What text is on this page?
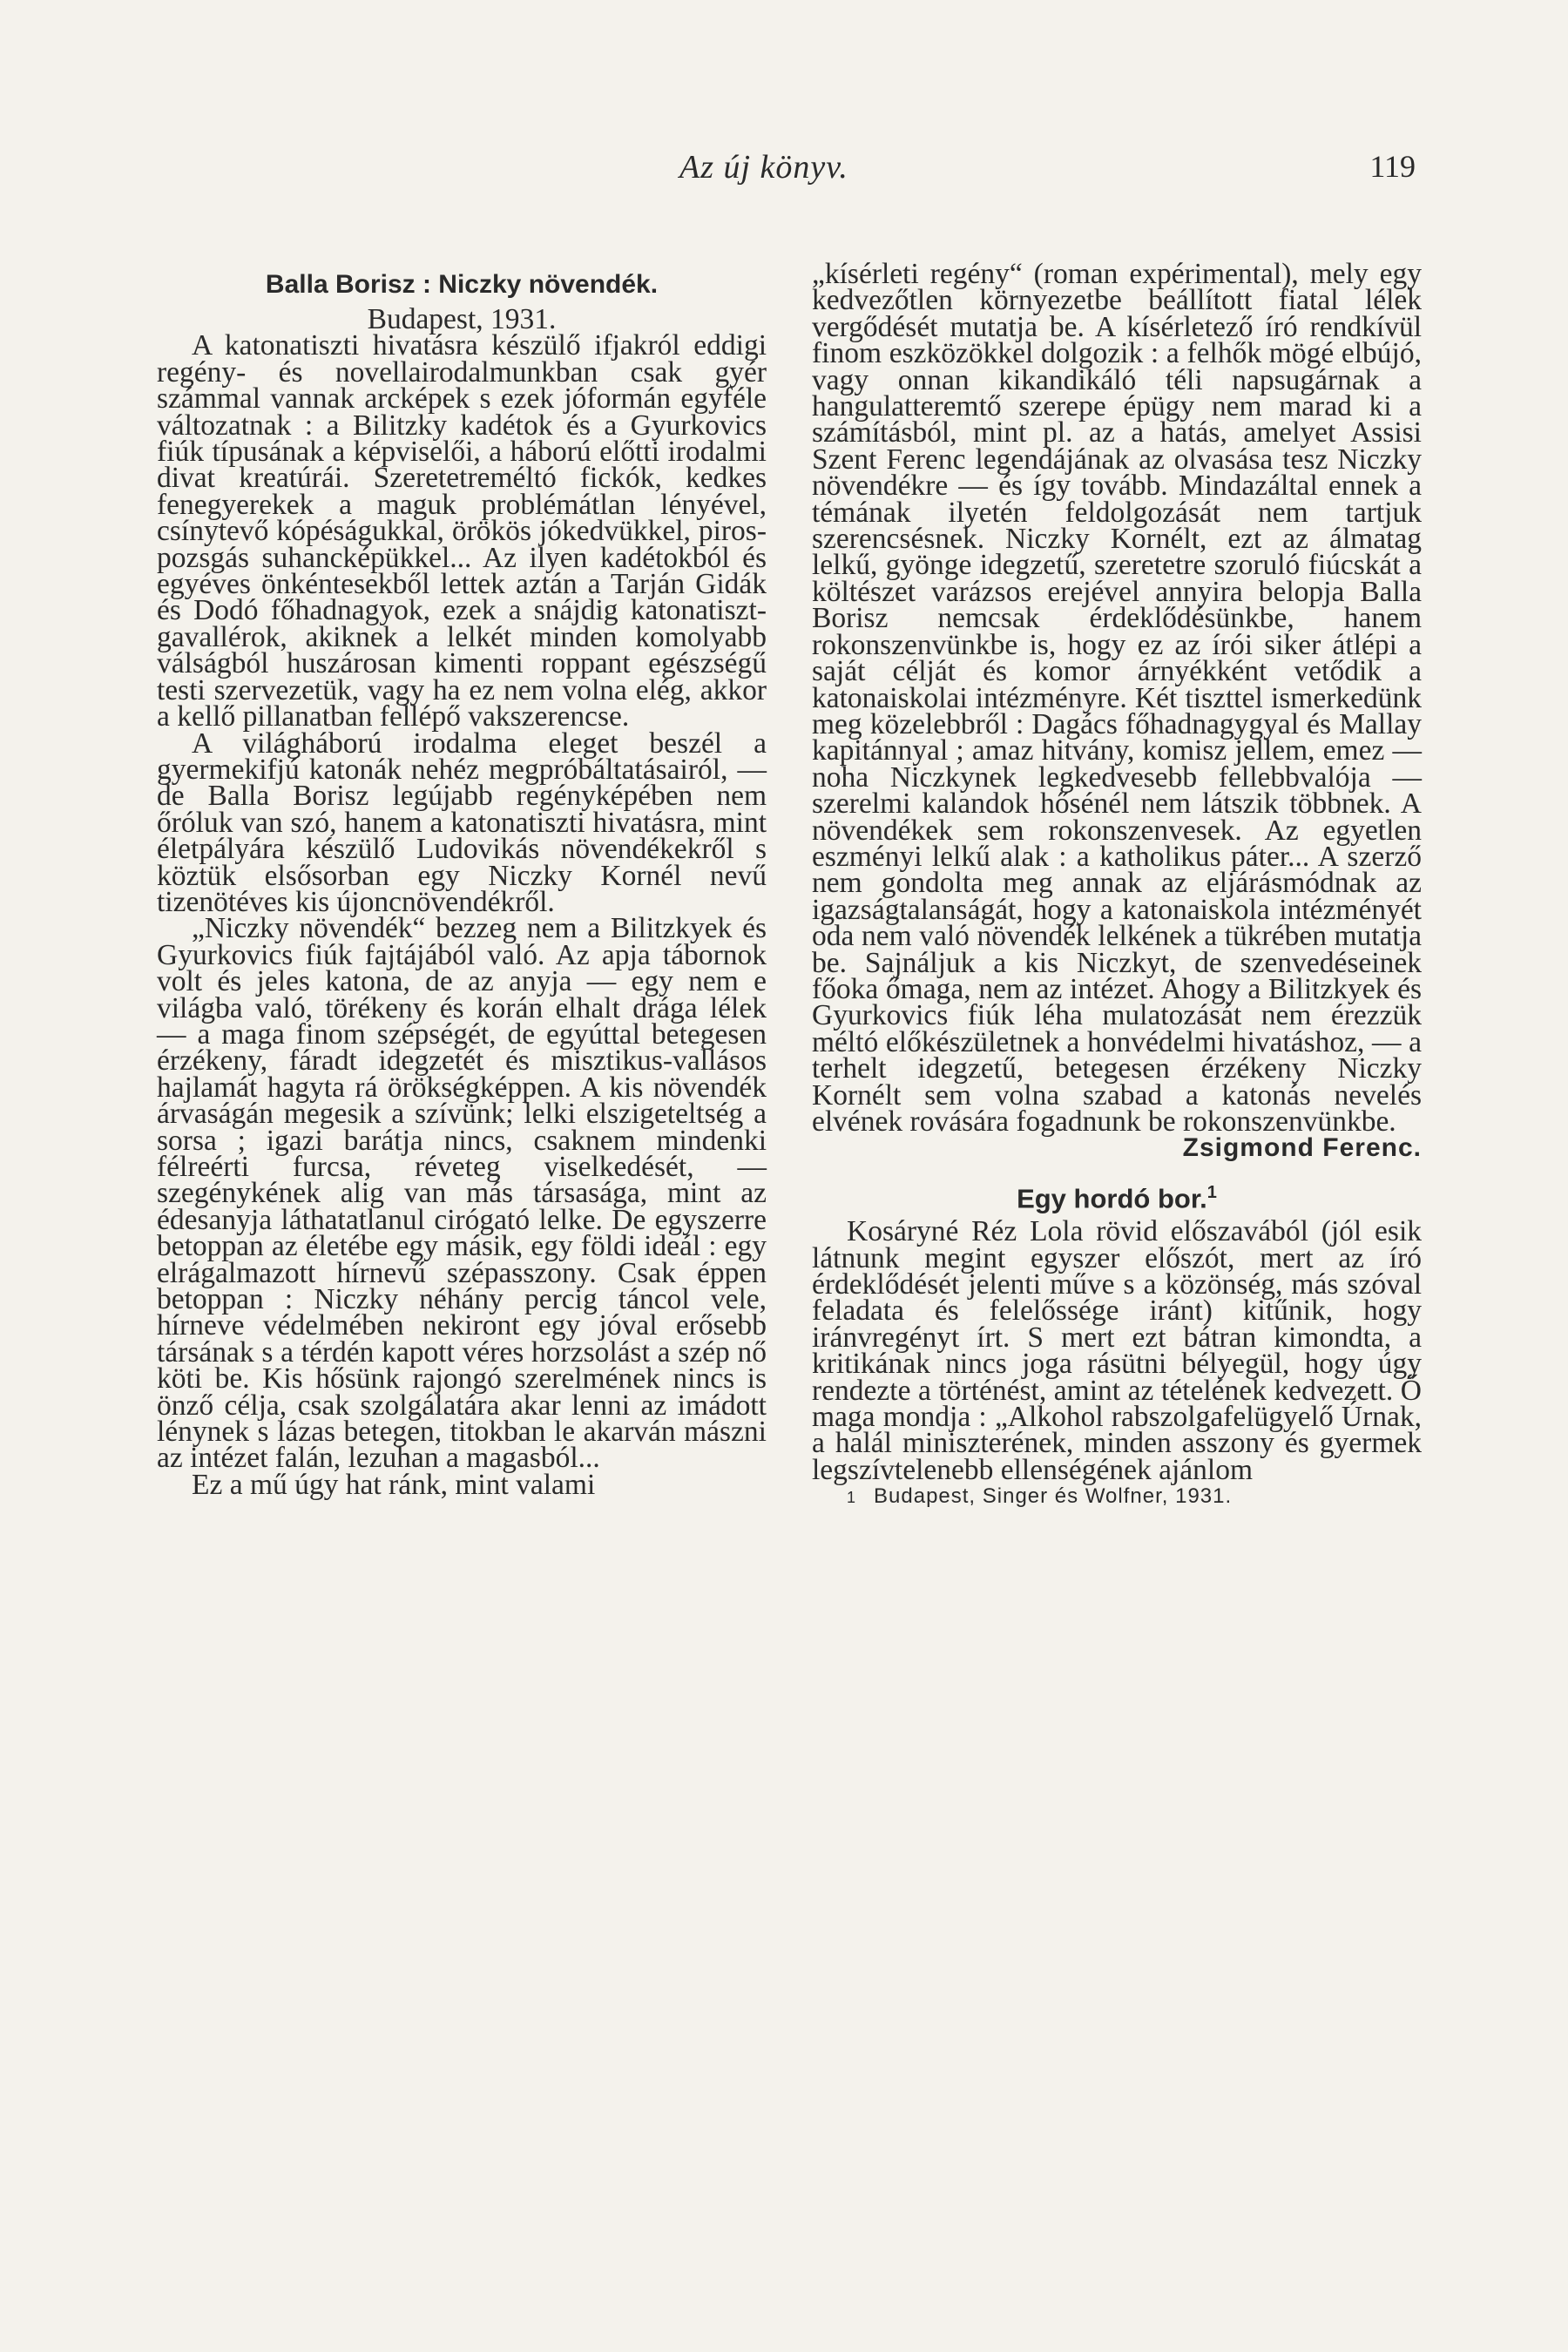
Az új könyv.	119
Balla Borisz : Niczky növendék.

Budapest, 1931.

A katonatiszti hivatásra készülő ifjakról eddigi regény- és novellairodalmunkban csak gyér számmal vannak arcképek s ezek jóformán egyféle változatnak : a Bilitzky kadétok és a Gyurkovics fiúk típusának a képviselői, a háború előtti irodalmi divat kreatúrái. Szeretetreméltó fickók, kedkes fenegyerekek a maguk problémátlan lényével, csínytevő kópéságukkal, örökös jókedvükkel, piros-pozsgás suhancképükkel... Az ilyen kadétokból és egyéves önkéntesekből lettek aztán a Tarján Gidák és Dodó főhadnagyok, ezek a snájdig katonatiszt-gavallérok, akiknek a lelkét minden komolyabb válságból huszárosan kimenti roppant egészségű testi szervezetük, vagy ha ez nem volna elég, akkor a kellő pillanatban fellépő vakszerencse.

A világháború irodalma eleget beszél a gyermekifjú katonák nehéz megpróbáltatásairól, — de Balla Borisz legújabb regényképében nem őróluk van szó, hanem a katonatiszti hivatásra, mint életpályára készülő Ludovikás növendékekről s köztük elsősorban egy Niczky Kornél nevű tizenötéves kis újoncnövendékről.

„Niczky növendék“ bezzeg nem a Bilitzkyek és Gyurkovics fiúk fajtájából való. Az apja tábornok volt és jeles katona, de az anyja — egy nem e világba való, törékeny és korán elhalt drága lélek — a maga finom szépségét, de egyúttal betegesen érzékeny, fáradt idegzetét és misztikus-vallásos hajlamát hagyta rá örökségképpen. A kis növendék árvaságán megesik a szívünk; lelki elszigeteltség a sorsa ; igazi barátja nincs, csaknem mindenki félreérti furcsa, réveteg viselkedését, — szegénykének alig van más társasága, mint az édesanyja láthatatlanul cirógató lelke. De egyszerre betoppan az életébe egy másik, egy földi ideál : egy elrágalmazott hírnevű szépasszony. Csak éppen betoppan : Niczky néhány percig táncol vele, hírneve védelmében nekiront egy jóval erősebb társának s a térdén kapott véres horzsolást a szép nő köti be. Kis hősünk rajongó szerelmének nincs is önző célja, csak szolgálatára akar lenni az imádott lénynek s lázas betegen, titokban le akarván mászni az intézet falán, lezuhan a magasból...

Ez a mű úgy hat ránk, mint valami

„kísérleti regény“ (roman expérimental), mely egy kedvezőtlen környezetbe beállított fiatal lélek vergődését mutatja be. A kísérletező író rendkívül finom eszközökkel dolgozik : a felhők mögé elbújó, vagy onnan kikandikáló téli napsugárnak a hangulatteremtő szerepe épügy nem marad ki a számításból, mint pl. az a hatás, amelyet Assisi Szent Ferenc legendájának az olvasása tesz Niczky növendékre — és így tovább. Mindazáltal ennek a témának ilyetén feldolgozását nem tartjuk szerencsésnek. Niczky Kornélt, ezt az álmatag lelkű, gyönge idegzetű, szeretetre szoruló fiúcskát a költészet varázsos erejével annyira belopja Balla Borisz nemcsak érdeklődésünkbe, hanem rokonszenvünkbe is, hogy ez az írói siker átlépi a saját célját és komor árnyékként vetődik a katonaiskolai intézményre. Két tiszttel ismerkedünk meg közelebbről : Dagács főhadnagygyal és Mallay kapitánnyal ; amaz hitvány, komisz jellem, emez — noha Niczkynek legkedvesebb fellebbvalója — szerelmi kalandok hősénél nem látszik többnek. A növendékek sem rokonszenvesek. Az egyetlen eszményi lelkű alak : a katholikus páter... A szerző nem gondolta meg annak az eljárásmódnak az igazságtalanságát, hogy a katonaiskola intézményét oda nem való növendék lelkének a tükrében mutatja be. Sajnáljuk a kis Niczkyt, de szenvedéseinek főoka őmaga, nem az intézet. Ahogy a Bilitzkyek és Gyurkovics fiúk léha mulatozását nem érezzük méltó előkészületnek a honvédelmi hivatáshoz, — a terhelt idegzetű, betegesen érzékeny Niczky Kornélt sem volna szabad a katonás nevelés elvének rovására fogadnunk be rokonszenvünkbe.

Zsigmond Ferenc.
Egy hordó bor.$^1$

Kosáryné Réz Lola rövid előszavából (jól esik látnunk megint egyszer előszót, mert az író érdeklődését jelenti műve s a közönség, más szóval feladata és felelőssége iránt) kitűnik, hogy iránvregényt írt. S mert ezt bátran kimondta, a kritikának nincs joga rásütni bélyegül, hogy úgy rendezte a történést, amint az tételének kedvezett. Ő maga mondja : „Alkohol rabszolgafelügyelő Úrnak, a halál miniszterének, minden asszony és gyermek legszívtelenebb ellenségének ajánlom

1 Budapest, Singer és Wolfner, 1931.
